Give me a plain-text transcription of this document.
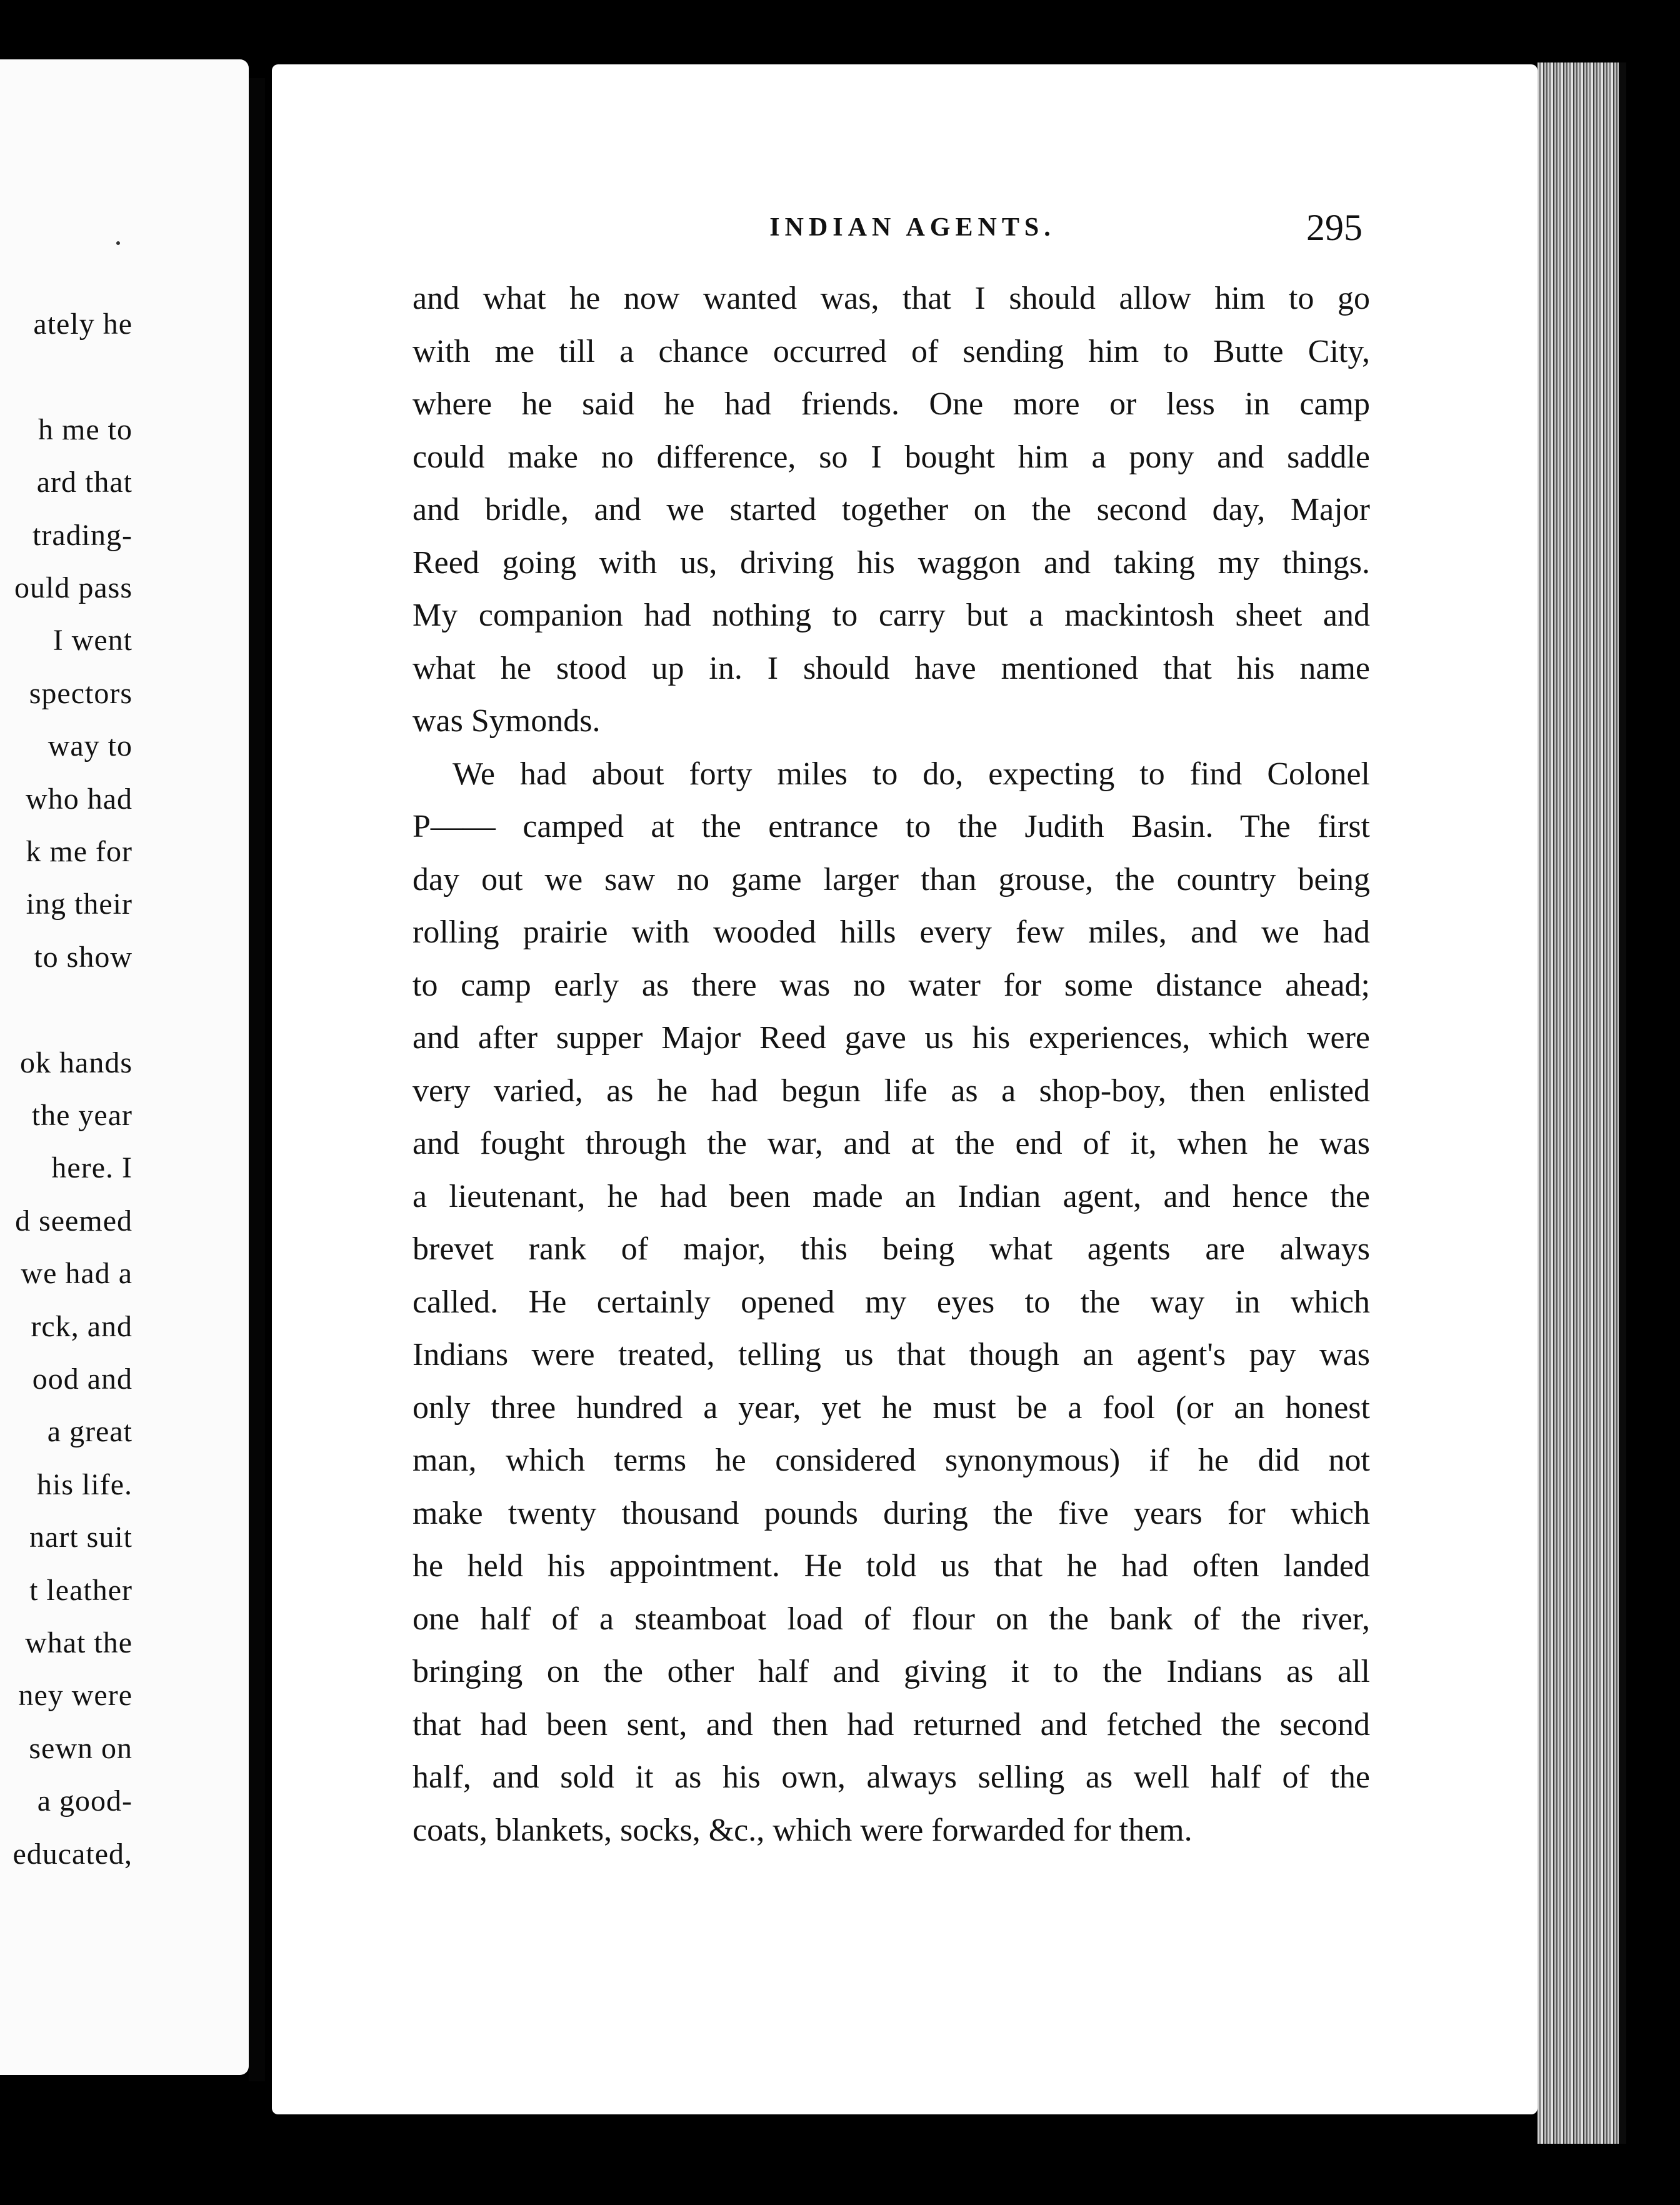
ately he
h me to
ard that
trading-
ould pass
I went
spectors
way to
who had
k me for
ing their
to show
ok hands
the year
here. I
d seemed
we had a
rck, and
ood and
a great
his life.
nart suit
t leather
what the
ney were
sewn on
a good-
educated,
INDIAN AGENTS.	295
and what he now wanted was, that I should allow him to go
with me till a chance occurred of sending him to Butte City,
where he said he had friends. One more or less in camp
could make no difference, so I bought him a pony and saddle
and bridle, and we started together on the second day, Major
Reed going with us, driving his waggon and taking my things.
My companion had nothing to carry but a mackintosh sheet and
what he stood up in. I should have mentioned that his name
was Symonds.
We had about forty miles to do, expecting to find Colonel
P—— camped at the entrance to the Judith Basin. The first
day out we saw no game larger than grouse, the country being
rolling prairie with wooded hills every few miles, and we had
to camp early as there was no water for some distance ahead;
and after supper Major Reed gave us his experiences, which were
very varied, as he had begun life as a shop-boy, then enlisted
and fought through the war, and at the end of it, when he was
a lieutenant, he had been made an Indian agent, and hence the
brevet rank of major, this being what agents are always
called. He certainly opened my eyes to the way in which
Indians were treated, telling us that though an agent's pay was
only three hundred a year, yet he must be a fool (or an honest
man, which terms he considered synonymous) if he did not
make twenty thousand pounds during the five years for which
he held his appointment. He told us that he had often landed
one half of a steamboat load of flour on the bank of the river,
bringing on the other half and giving it to the Indians as all
that had been sent, and then had returned and fetched the second
half, and sold it as his own, always selling as well half of the
coats, blankets, socks, &c., which were forwarded for them.
